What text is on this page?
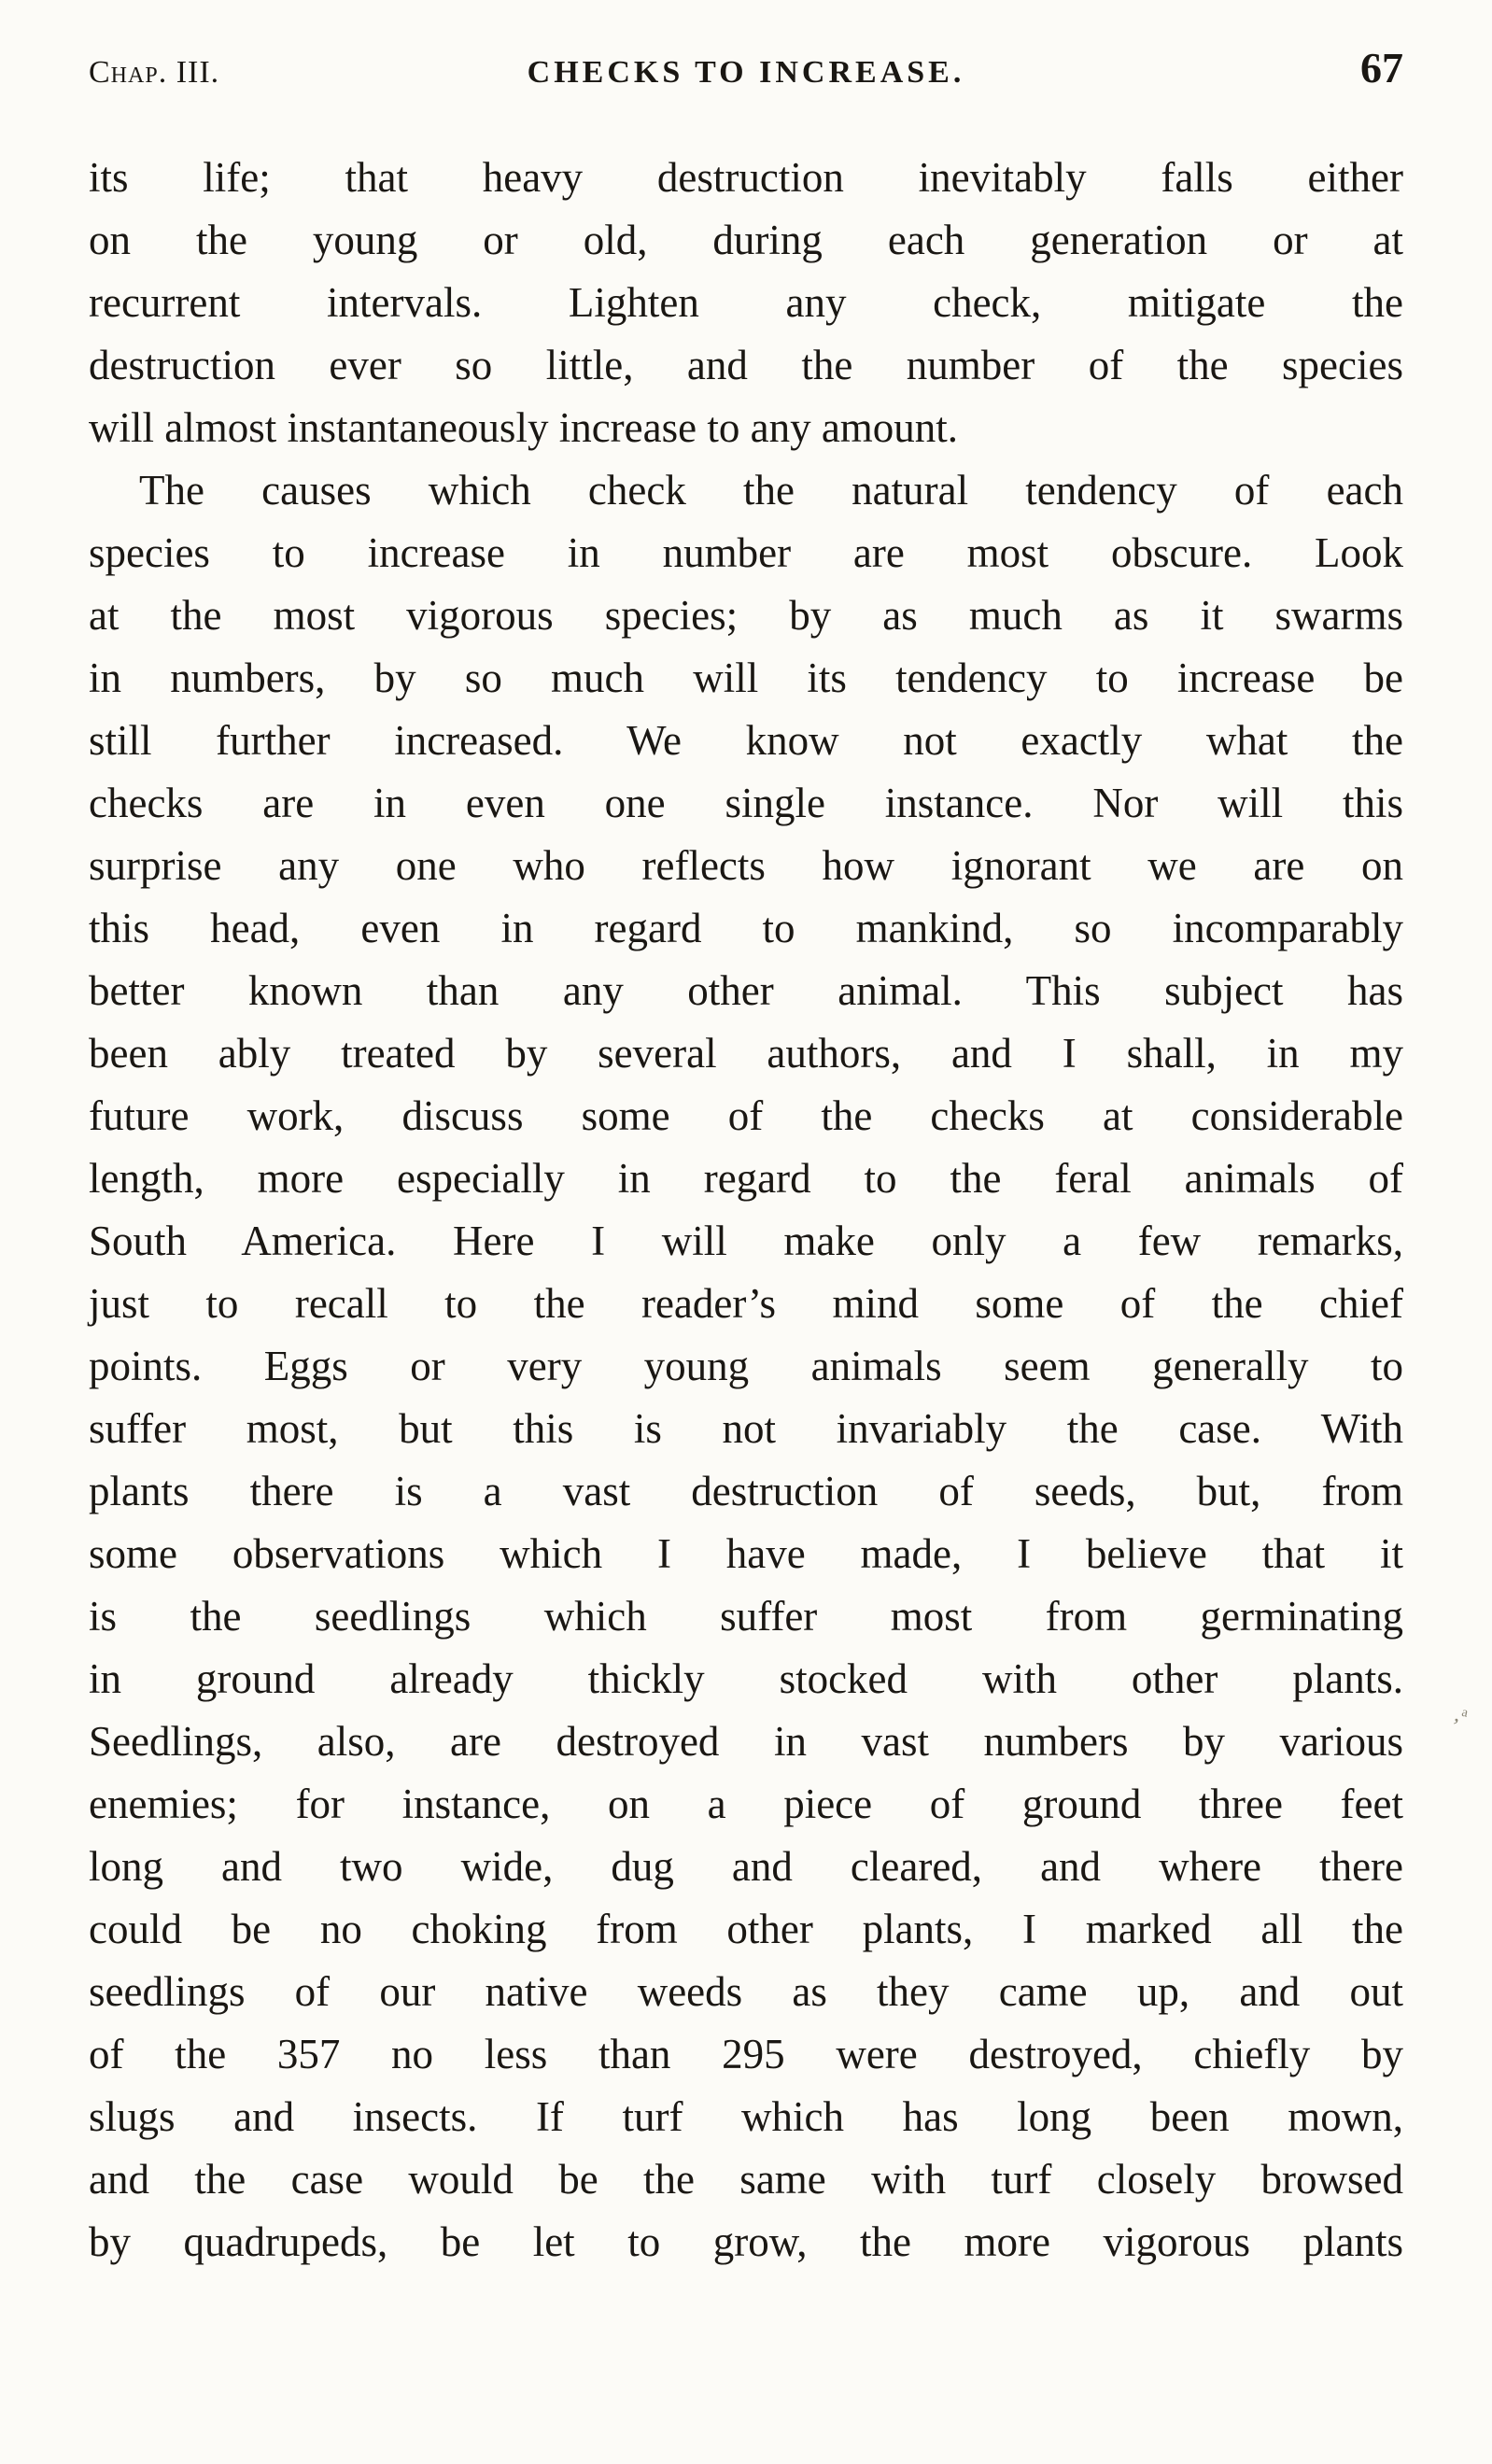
Chap. III.	CHECKS TO INCREASE.	67
its life; that heavy destruction inevitably falls either
on the young or old, during each generation or at
recurrent intervals. Lighten any check, mitigate the
destruction ever so little, and the number of the species
will almost instantaneously increase to any amount.
The causes which check the natural tendency of each
species to increase in number are most obscure. Look
at the most vigorous species; by as much as it swarms
in numbers, by so much will its tendency to increase be
still further increased. We know not exactly what the
checks are in even one single instance. Nor will this
surprise any one who reflects how ignorant we are on
this head, even in regard to mankind, so incomparably
better known than any other animal. This subject has
been ably treated by several authors, and I shall, in my
future work, discuss some of the checks at considerable
length, more especially in regard to the feral animals of
South America. Here I will make only a few remarks,
just to recall to the reader’s mind some of the chief
points. Eggs or very young animals seem generally to
suffer most, but this is not invariably the case. With
plants there is a vast destruction of seeds, but, from
some observations which I have made, I believe that it
is the seedlings which suffer most from germinating
in ground already thickly stocked with other plants.
Seedlings, also, are destroyed in vast numbers by various
enemies; for instance, on a piece of ground three feet
long and two wide, dug and cleared, and where there
could be no choking from other plants, I marked all the
seedlings of our native weeds as they came up, and out
of the 357 no less than 295 were destroyed, chiefly by
slugs and insects. If turf which has long been mown,
and the case would be the same with turf closely browsed
by quadrupeds, be let to grow, the more vigorous plants
‚ᵃ
